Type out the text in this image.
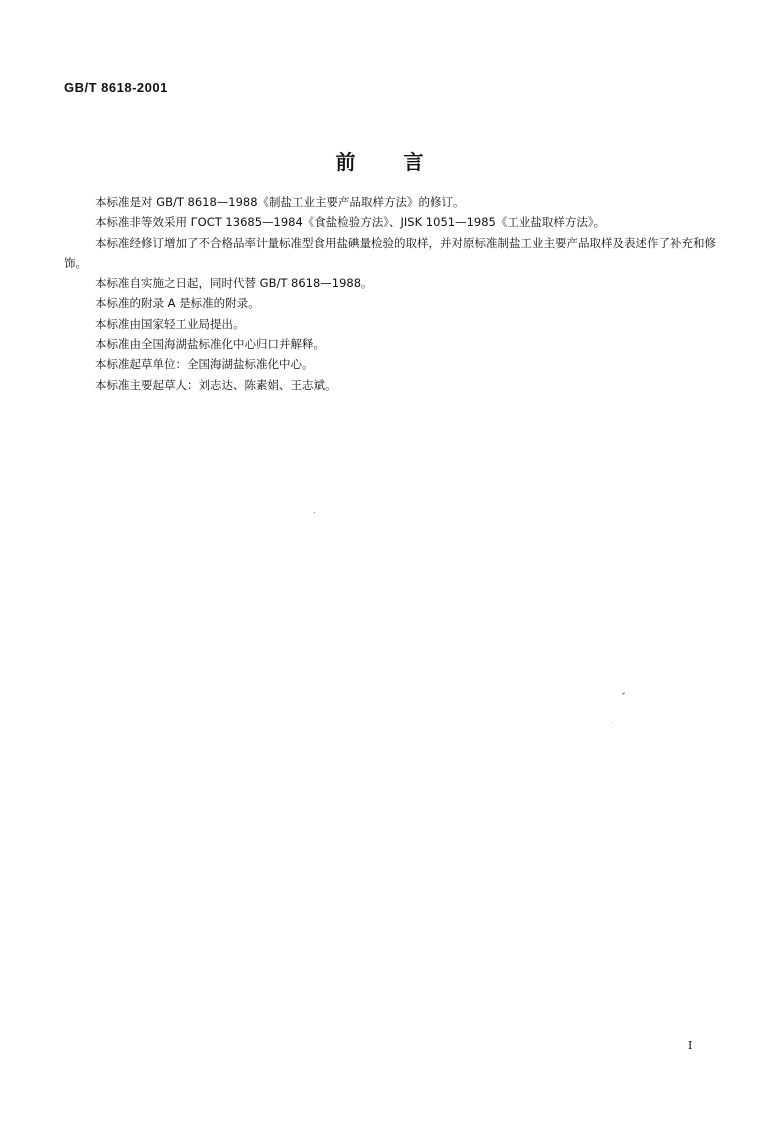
GB/T 8618-2001
前言

本标准是对 GB/T 8618—1988《制盐工业主要产品取样方法》的修订。

本标准非等效采用 ГОСТ 13685—1984《食盐检验方法》、JISK 1051—1985《工业盐取样方法》。

本标准经修订增加了不合格品率计量标准型食用盐碘量检验的取样，并对原标准制盐工业主要产品取样及表述作了补充和修饰。

本标准自实施之日起，同时代替 GB/T 8618—1988。

本标准的附录 A 是标准的附录。

本标准由国家轻工业局提出。

本标准由全国海湖盐标准化中心归口并解释。

本标准起草单位：全国海湖盐标准化中心。

本标准主要起草人：刘志达、陈素娟、王志斌。

I
